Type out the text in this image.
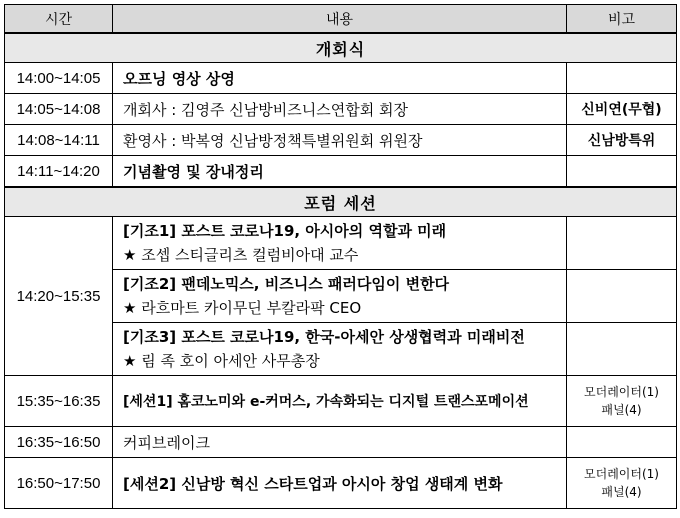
시간	내용	비고
개회식		
14:00~14:05	오프닝 영상 상영	
14:05~14:08	개회사 : 김영주 신남방비즈니스연합회 회장	신비연(무협)
14:08~14:11	환영사 : 박복영 신남방정책특별위원회 위원장	신남방특위
14:11~14:20	기념촬영 및 장내정리	
포럼 세션		
14:20~15:35	[기조1] 포스트 코로나19, 아시아의 역할과 미래
★ 조셉 스티글리츠 컬럼비아대 교수	

	[기조2] 팬데노믹스, 비즈니스 패러다임이 변한다
★ 라흐마트 카이무딘 부칼라팍 CEO	

	[기조3] 포스트 코로나19, 한국-아세안 상생협력과 미래비전
★ 림 족 호이 아세안 사무총장	

15:35~16:35	[세션1] 홈코노미와 e-커머스, 가속화되는 디지털 트랜스포메이션	모더레이터(1)
패널(4)

16:35~16:50	커피브레이크	

16:50~17:50	[세션2] 신남방 혁신 스타트업과 아시아 창업 생태계 변화	모더레이터(1)
패널(4)
